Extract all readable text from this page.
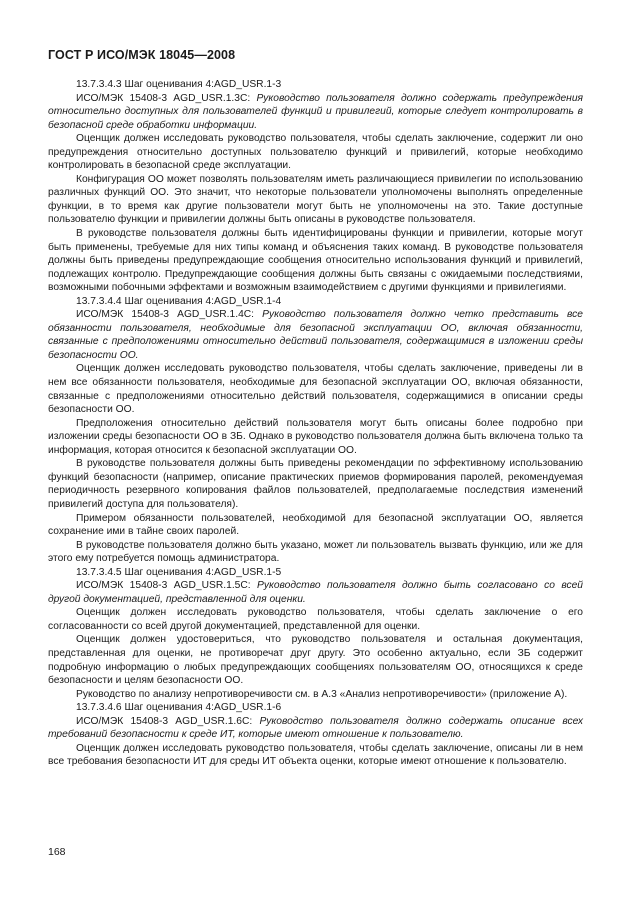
ГОСТ Р ИСО/МЭК 18045—2008

13.7.3.4.3 Шаг оценивания 4:AGD_USR.1-3

ИСО/МЭК 15408-3 AGD_USR.1.3С: Руководство пользователя должно содержать предупреждения относительно доступных для пользователей функций и привилегий, которые следует контролировать в безопасной среде обработки информации.

Оценщик должен исследовать руководство пользователя, чтобы сделать заключение, содержит ли оно предупреждения относительно доступных пользователю функций и привилегий, которые необходимо контролировать в безопасной среде эксплуатации.

Конфигурация ОО может позволять пользователям иметь различающиеся привилегии по использованию различных функций ОО. Это значит, что некоторые пользователи уполномочены выполнять определенные функции, в то время как другие пользователи могут быть не уполномочены на это. Такие доступные пользователю функции и привилегии должны быть описаны в руководстве пользователя.

В руководстве пользователя должны быть идентифицированы функции и привилегии, которые могут быть применены, требуемые для них типы команд и объяснения таких команд. В руководстве пользователя должны быть приведены предупреждающие сообщения относительно использования функций и привилегий, подлежащих контролю. Предупреждающие сообщения должны быть связаны с ожидаемыми последствиями, возможными побочными эффектами и возможным взаимодействием с другими функциями и привилегиями.

13.7.3.4.4 Шаг оценивания 4:AGD_USR.1-4

ИСО/МЭК 15408-3 AGD_USR.1.4С: Руководство пользователя должно четко представить все обязанности пользователя, необходимые для безопасной эксплуатации ОО, включая обязанности, связанные с предположениями относительно действий пользователя, содержащимися в изложении среды безопасности ОО.

Оценщик должен исследовать руководство пользователя, чтобы сделать заключение, приведены ли в нем все обязанности пользователя, необходимые для безопасной эксплуатации ОО, включая обязанности, связанные с предположениями относительно действий пользователя, содержащимися в описании среды безопасности ОО.

Предположения относительно действий пользователя могут быть описаны более подробно при изложении среды безопасности ОО в ЗБ. Однако в руководство пользователя должна быть включена только та информация, которая относится к безопасной эксплуатации ОО.

В руководстве пользователя должны быть приведены рекомендации по эффективному использованию функций безопасности (например, описание практических приемов формирования паролей, рекомендуемая периодичность резервного копирования файлов пользователей, предполагаемые последствия изменений привилегий доступа для пользователя).

Примером обязанности пользователей, необходимой для безопасной эксплуатации ОО, является сохранение ими в тайне своих паролей.

В руководстве пользователя должно быть указано, может ли пользователь вызвать функцию, или же для этого ему потребуется помощь администратора.

13.7.3.4.5 Шаг оценивания 4:AGD_USR.1-5

ИСО/МЭК 15408-3 AGD_USR.1.5С: Руководство пользователя должно быть согласовано со всей другой документацией, представленной для оценки.

Оценщик должен исследовать руководство пользователя, чтобы сделать заключение о его согласованности со всей другой документацией, представленной для оценки.

Оценщик должен удостовериться, что руководство пользователя и остальная документация, представленная для оценки, не противоречат друг другу. Это особенно актуально, если ЗБ содержит подробную информацию о любых предупреждающих сообщениях пользователям ОО, относящихся к среде безопасности и целям безопасности ОО.

Руководство по анализу непротиворечивости см. в А.3 «Анализ непротиворечивости» (приложение А).

13.7.3.4.6 Шаг оценивания 4:AGD_USR.1-6

ИСО/МЭК 15408-3 AGD_USR.1.6С: Руководство пользователя должно содержать описание всех требований безопасности к среде ИТ, которые имеют отношение к пользователю.

Оценщик должен исследовать руководство пользователя, чтобы сделать заключение, описаны ли в нем все требования безопасности ИТ для среды ИТ объекта оценки, которые имеют отношение к пользователю.

168
